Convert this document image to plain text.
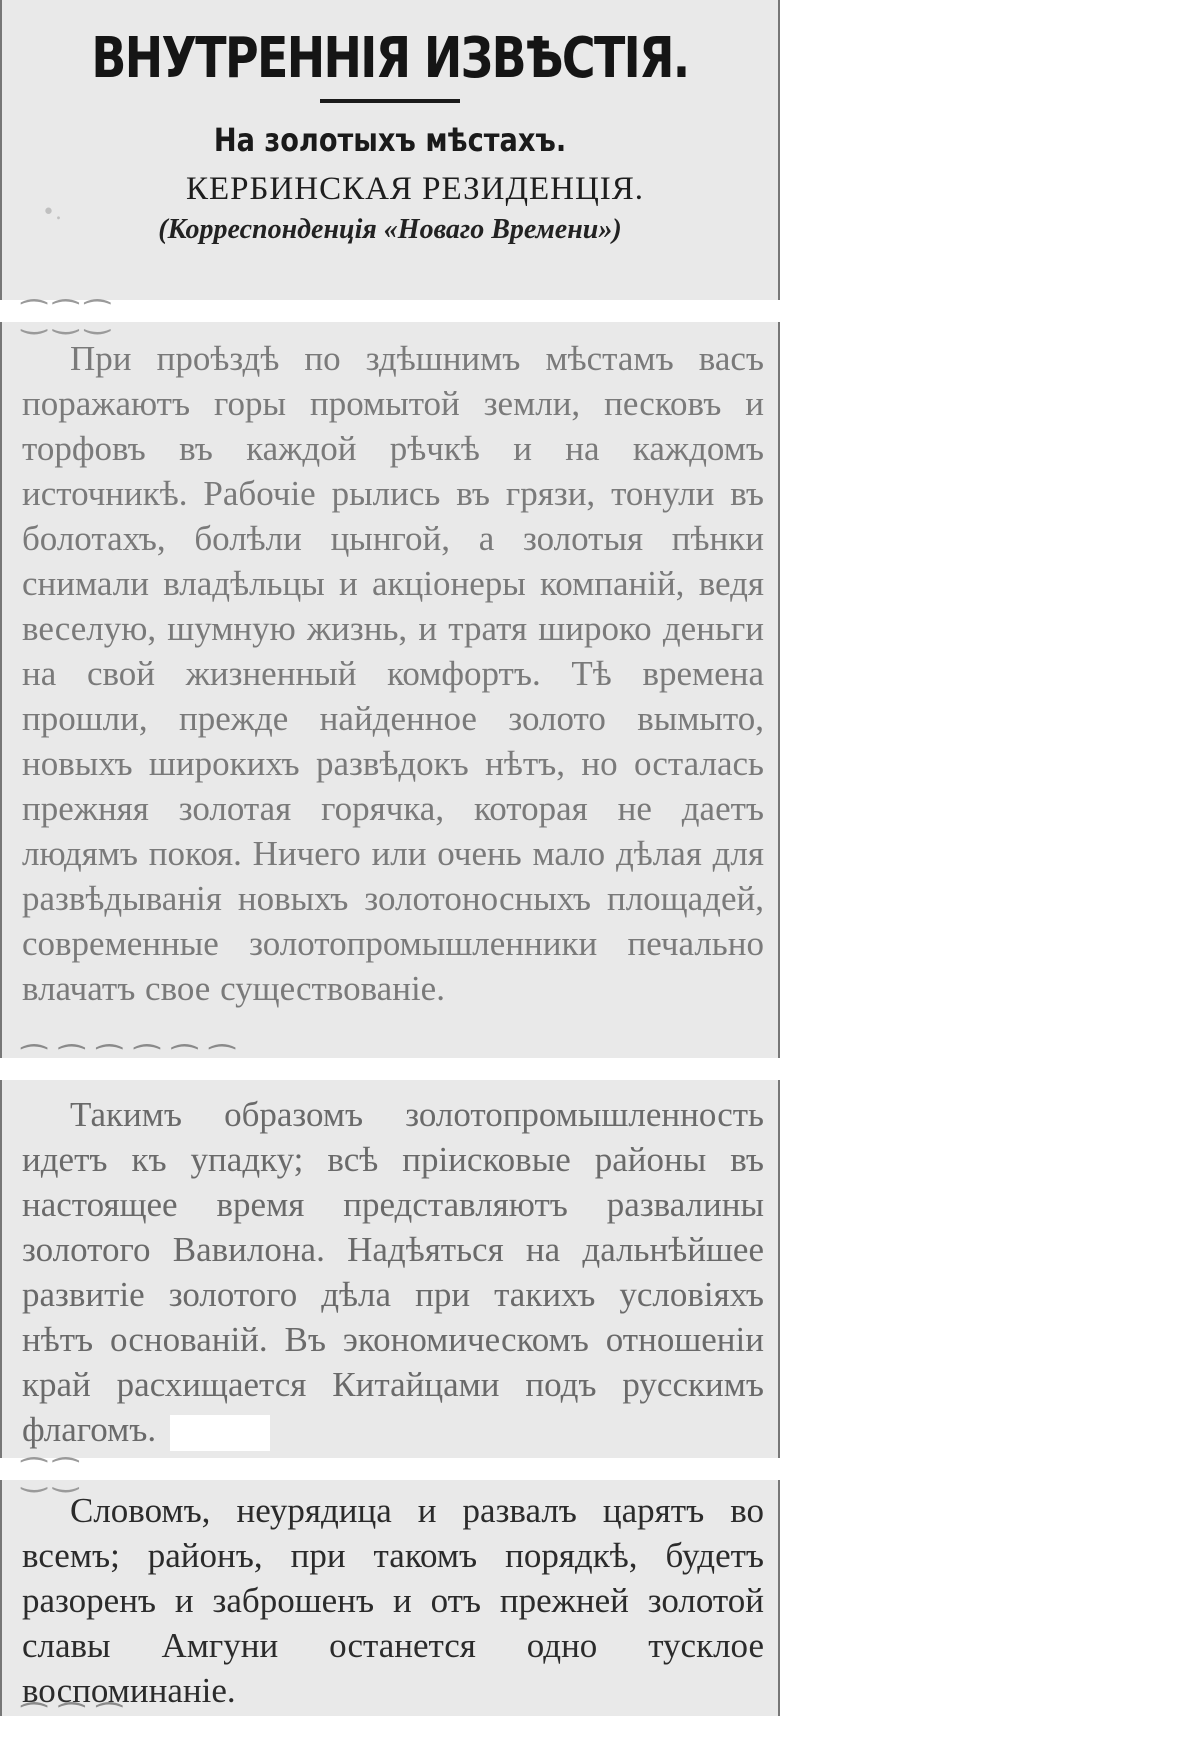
ВНУТРЕННІЯ ИЗВѢСТІЯ.
На золотыхъ мѣстахъ.
•.
КЕРБИНСКАЯ РЕЗИДЕНЦІЯ.
(Корреспонденція «Новаго Времени»)
⁐ ⁐ ⁐

При проѣздѣ по здѣшнимъ мѣстамъ васъ поражаютъ горы промытой земли, песковъ и торфовъ въ каждой рѣчкѣ и на каждомъ источникѣ. Рабочіе рылись въ грязи, тонули въ болотахъ, болѣли цынгой, а золотыя пѣнки снимали владѣльцы и акціонеры компаній, ведя веселую, шумную жизнь, и тратя широко деньги на свой жизненный комфортъ. Тѣ времена прошли, прежде найденное золото вымыто, новыхъ широкихъ развѣдокъ нѣтъ, но осталась прежняя золотая горячка, которая не даетъ людямъ покоя. Ничего или очень мало дѣлая для развѣдыванія новыхъ золотоносныхъ площадей, современные золотопромышленники печально влачатъ свое существованіе.

⁀ ⁀ ⁀ ⁀ ⁀ ⁀

Такимъ образомъ золотопромышленность идетъ къ упадку; всѣ пріисковые районы въ настоящее время представляютъ развалины золотого Вавилона. Надѣяться на дальнѣйшее развитіе золотого дѣла при такихъ условіяхъ нѣтъ основаній. Въ экономическомъ отношеніи край расхищается Китайцами подъ русскимъ флагомъ.

⁐ ⁐

Словомъ, неурядица и развалъ царятъ во всемъ; районъ, при такомъ порядкѣ, будетъ разоренъ и заброшенъ и отъ прежней золотой славы Амгуни останется одно тусклое воспоминаніе.

⁀ ⁀ ⁀
